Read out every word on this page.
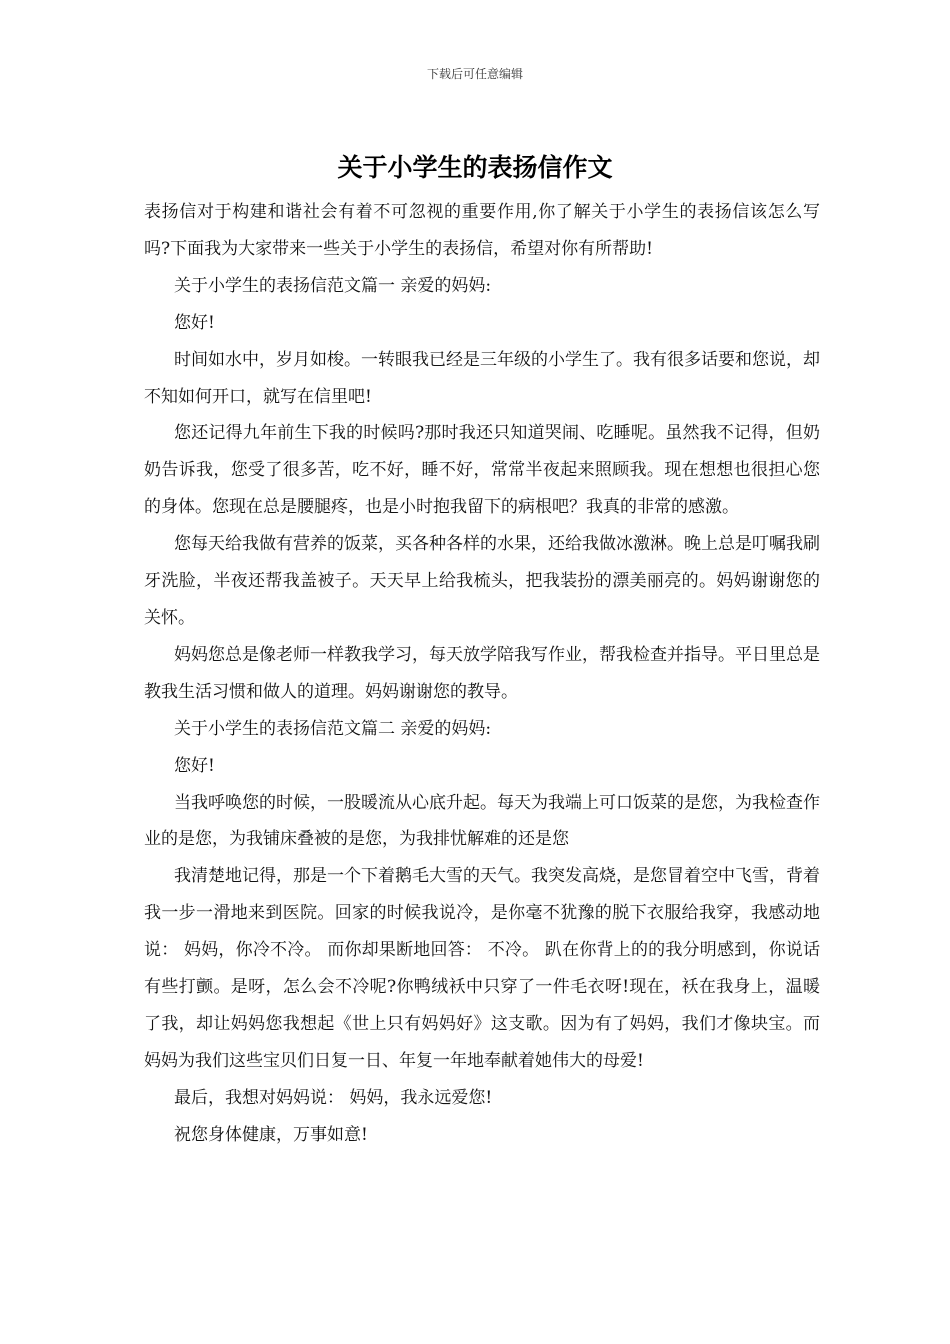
下载后可任意编辑
关于小学生的表扬信作文

表扬信对于构建和谐社会有着不可忽视的重要作用,你了解关于小学生的表扬信该怎么写吗?下面我为大家带来一些关于小学生的表扬信，希望对你有所帮助!

关于小学生的表扬信范文篇一 亲爱的妈妈:

您好!

时间如水中，岁月如梭。一转眼我已经是三年级的小学生了。我有很多话要和您说，却不知如何开口，就写在信里吧!

您还记得九年前生下我的时候吗?那时我还只知道哭闹、吃睡呢。虽然我不记得，但奶奶告诉我，您受了很多苦，吃不好，睡不好，常常半夜起来照顾我。现在想想也很担心您的身体。您现在总是腰腿疼，也是小时抱我留下的病根吧？我真的非常的感激。

您每天给我做有营养的饭菜，买各种各样的水果，还给我做冰激淋。晚上总是叮嘱我刷牙洗脸，半夜还帮我盖被子。天天早上给我梳头，把我装扮的漂美丽亮的。妈妈谢谢您的关怀。

妈妈您总是像老师一样教我学习，每天放学陪我写作业，帮我检查并指导。平日里总是教我生活习惯和做人的道理。妈妈谢谢您的教导。

关于小学生的表扬信范文篇二 亲爱的妈妈:

您好!

当我呼唤您的时候，一股暖流从心底升起。每天为我端上可口饭菜的是您，为我检查作业的是您，为我铺床叠被的是您，为我排忧解难的还是您

我清楚地记得，那是一个下着鹅毛大雪的天气。我突发高烧，是您冒着空中飞雪，背着我一步一滑地来到医院。回家的时候我说冷，是你毫不犹豫的脱下衣服给我穿，我感动地说： 妈妈，你冷不冷。 而你却果断地回答： 不冷。 趴在你背上的的我分明感到，你说话有些打颤。是呀，怎么会不冷呢?你鸭绒袄中只穿了一件毛衣呀!现在，袄在我身上，温暖了我，却让妈妈您我想起《世上只有妈妈好》这支歌。因为有了妈妈，我们才像块宝。而妈妈为我们这些宝贝们日复一日、年复一年地奉献着她伟大的母爱!

最后，我想对妈妈说： 妈妈，我永远爱您!

祝您身体健康，万事如意!
